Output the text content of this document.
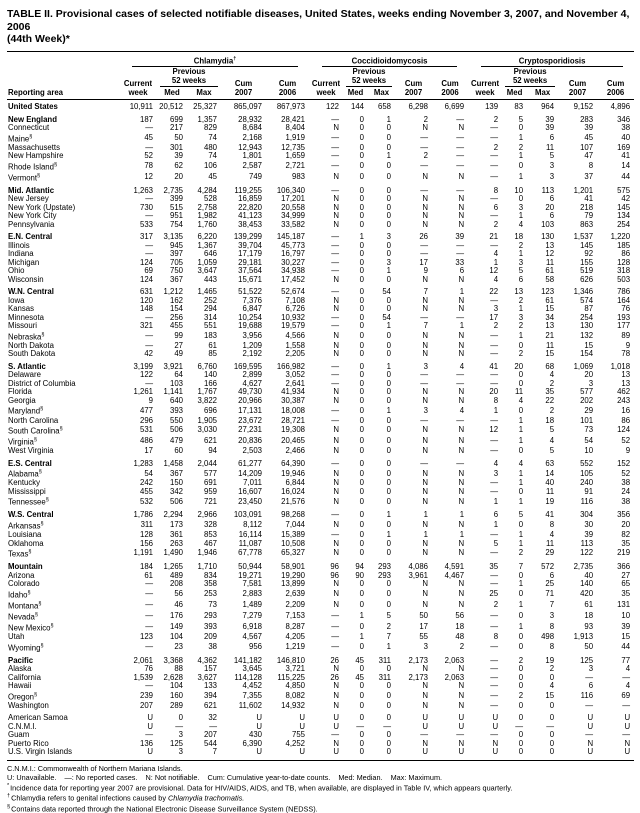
TABLE II. Provisional cases of selected notifiable diseases, United States, weeks ending November 3, 2007, and November 4, 2006
(44th Week)*
Reporting area	Chlamydia†					Coccidioidomycosis					Cryptosporidiosis				

	Current
week	Previous
52 weeks		Cum
2007	Cum
2006	Current
week	Previous
52 weeks		Cum
2007	Cum
2006	Current
week	Previous
52 weeks		Cum
2007	Cum
2006
		Med	Max				Med	Max				Med	Max		
United States	10,911	20,512	25,327	865,097	867,973	122	144	658	6,298	6,699	139	83	964	9,152	4,896
New England	187	699	1,357	28,932	28,421	—	0	1	2	—	2	5	39	283	346
Connecticut	—	217	829	8,684	8,404	N	0	0	N	N	—	0	39	39	38
Maine§	45	50	74	2,168	1,919	—	0	0	—	—	—	1	6	45	40
Massachusetts	—	301	480	12,943	12,735	—	0	0	—	—	2	2	11	107	169
New Hampshire	52	39	74	1,801	1,659	—	0	1	2	—	—	1	5	47	41
Rhode Island§	78	62	106	2,587	2,721	—	0	0	—	—	—	0	3	8	14
Vermont§	12	20	45	749	983	N	0	0	N	N	—	1	3	37	44
Mid. Atlantic	1,263	2,735	4,284	119,255	106,340	—	0	0	—	—	8	10	113	1,201	575
New Jersey	—	399	528	16,859	17,201	N	0	0	N	N	—	0	6	41	42
New York (Upstate)	730	515	2,758	22,820	20,558	N	0	0	N	N	6	3	20	218	145
New York City	—	951	1,982	41,123	34,999	N	0	0	N	N	—	1	6	79	134
Pennsylvania	533	754	1,760	38,453	33,582	N	0	0	N	N	2	4	103	863	254
E.N. Central	317	3,135	6,220	139,299	145,187	—	1	3	26	39	21	18	130	1,537	1,220
Illinois	—	945	1,367	39,704	45,773	—	0	0	—	—	—	2	13	145	185
Indiana	—	397	646	17,179	16,797	—	0	0	—	—	4	1	12	92	86
Michigan	124	705	1,059	29,181	30,227	—	0	3	17	33	1	3	11	155	128
Ohio	69	750	3,647	37,564	34,938	—	0	1	9	6	12	5	61	519	318
Wisconsin	124	367	443	15,671	17,452	N	0	0	N	N	4	6	58	626	503
W.N. Central	631	1,212	1,465	51,522	52,674	—	0	54	7	1	22	13	123	1,346	786
Iowa	120	162	252	7,376	7,108	N	0	0	N	N	—	2	61	574	164
Kansas	148	154	294	6,847	6,726	N	0	0	N	N	3	1	15	87	76
Minnesota	—	256	314	10,254	10,932	—	0	54	—	—	17	3	34	254	193
Missouri	321	455	551	19,688	19,579	—	0	1	7	1	2	2	13	130	177
Nebraska§	—	99	183	3,956	4,566	N	0	0	N	N	—	1	21	132	89
North Dakota	—	27	61	1,209	1,558	N	0	0	N	N	—	0	11	15	9
South Dakota	42	49	85	2,192	2,205	N	0	0	N	N	—	2	15	154	78
S. Atlantic	3,199	3,921	6,760	169,595	166,982	—	0	1	3	4	41	20	68	1,069	1,018
Delaware	122	64	140	2,899	3,052	—	0	0	—	—	—	0	4	20	13
District of Columbia	—	103	166	4,627	2,641	—	0	0	—	—	—	0	2	3	13
Florida	1,261	1,141	1,767	49,730	41,934	N	0	0	N	N	20	11	35	577	462
Georgia	9	640	3,822	20,966	30,387	N	0	0	N	N	8	4	22	202	243
Maryland§	477	393	696	17,131	18,008	—	0	1	3	4	1	0	2	29	16
North Carolina	296	550	1,905	23,672	28,721	—	0	0	—	—	—	1	18	101	86
South Carolina§	531	506	3,030	27,231	19,308	N	0	0	N	N	12	1	5	73	124
Virginia§	486	479	621	20,836	20,465	N	0	0	N	N	—	1	4	54	52
West Virginia	17	60	94	2,503	2,466	N	0	0	N	N	—	0	5	10	9
E.S. Central	1,283	1,458	2,044	61,277	64,390	—	0	0	—	—	4	4	63	552	152
Alabama§	54	367	577	14,209	19,946	N	0	0	N	N	3	1	14	105	52
Kentucky	242	150	691	7,011	6,844	N	0	0	N	N	—	1	40	240	38
Mississippi	455	342	959	16,607	16,024	N	0	0	N	N	—	0	11	91	24
Tennessee§	532	506	721	23,450	21,576	N	0	0	N	N	1	1	19	116	38
W.S. Central	1,786	2,294	2,966	103,091	98,268	—	0	1	1	1	6	5	41	304	356
Arkansas§	311	173	328	8,112	7,044	N	0	0	N	N	1	0	8	30	20
Louisiana	128	361	853	16,114	15,389	—	0	1	1	1	—	1	4	39	82
Oklahoma	156	263	467	11,087	10,508	N	0	0	N	N	5	1	11	113	35
Texas§	1,191	1,490	1,946	67,778	65,327	N	0	0	N	N	—	2	29	122	219
Mountain	184	1,265	1,710	50,944	58,901	96	94	293	4,086	4,591	35	7	572	2,735	366
Arizona	61	489	834	19,271	19,290	96	90	293	3,961	4,467	—	0	6	40	27
Colorado	—	208	358	7,581	13,899	N	0	0	N	N	—	1	25	140	65
Idaho§	—	56	253	2,883	2,639	N	0	0	N	N	25	0	71	420	35
Montana§	—	46	73	1,489	2,209	N	0	0	N	N	2	1	7	61	131
Nevada§	—	176	293	7,279	7,153	—	1	5	50	56	—	0	3	18	10
New Mexico§	—	149	393	6,918	8,287	—	0	2	17	18	—	1	8	93	39
Utah	123	104	209	4,567	4,205	—	1	7	55	48	8	0	498	1,913	15
Wyoming§	—	23	38	956	1,219	—	0	1	3	2	—	0	8	50	44
Pacific	2,061	3,368	4,362	141,182	146,810	26	45	311	2,173	2,063	—	2	19	125	77
Alaska	76	88	157	3,645	3,721	N	0	0	N	N	—	0	2	3	4
California	1,539	2,628	3,627	114,128	115,225	26	45	311	2,173	2,063	—	0	0	—	—
Hawaii	—	104	133	4,452	4,850	N	0	0	N	N	—	0	4	6	4
Oregon§	239	160	394	7,355	8,082	N	0	0	N	N	—	2	15	116	69
Washington	207	289	621	11,602	14,932	N	0	0	N	N	—	0	0	—	—
American Samoa	U	0	32	U	U	U	0	0	U	U	U	0	0	U	U
C.N.M.I.	U	—	—	U	U	U	—	—	U	U	U	—	—	U	U
Guam	—	3	207	430	755	—	0	0	—	—	—	0	0	—	—
Puerto Rico	136	125	544	6,390	4,252	N	0	0	N	N	N	0	0	N	N
U.S. Virgin Islands	U	3	7	U	U	U	0	0	U	U	U	0	0	U	U
C.N.M.I.: Commonwealth of Northern Mariana Islands.
U: Unavailable. —: No reported cases. N: Not notifiable. Cum: Cumulative year-to-date counts. Med: Median. Max: Maximum.
*Incidence data for reporting year 2007 are provisional. Data for HIV/AIDS, AIDS, and TB, when available, are displayed in Table IV, which appears quarterly.
†Chlamydia refers to genital infections caused by Chlamydia trachomatis.
§Contains data reported through the National Electronic Disease Surveillance System (NEDSS).
